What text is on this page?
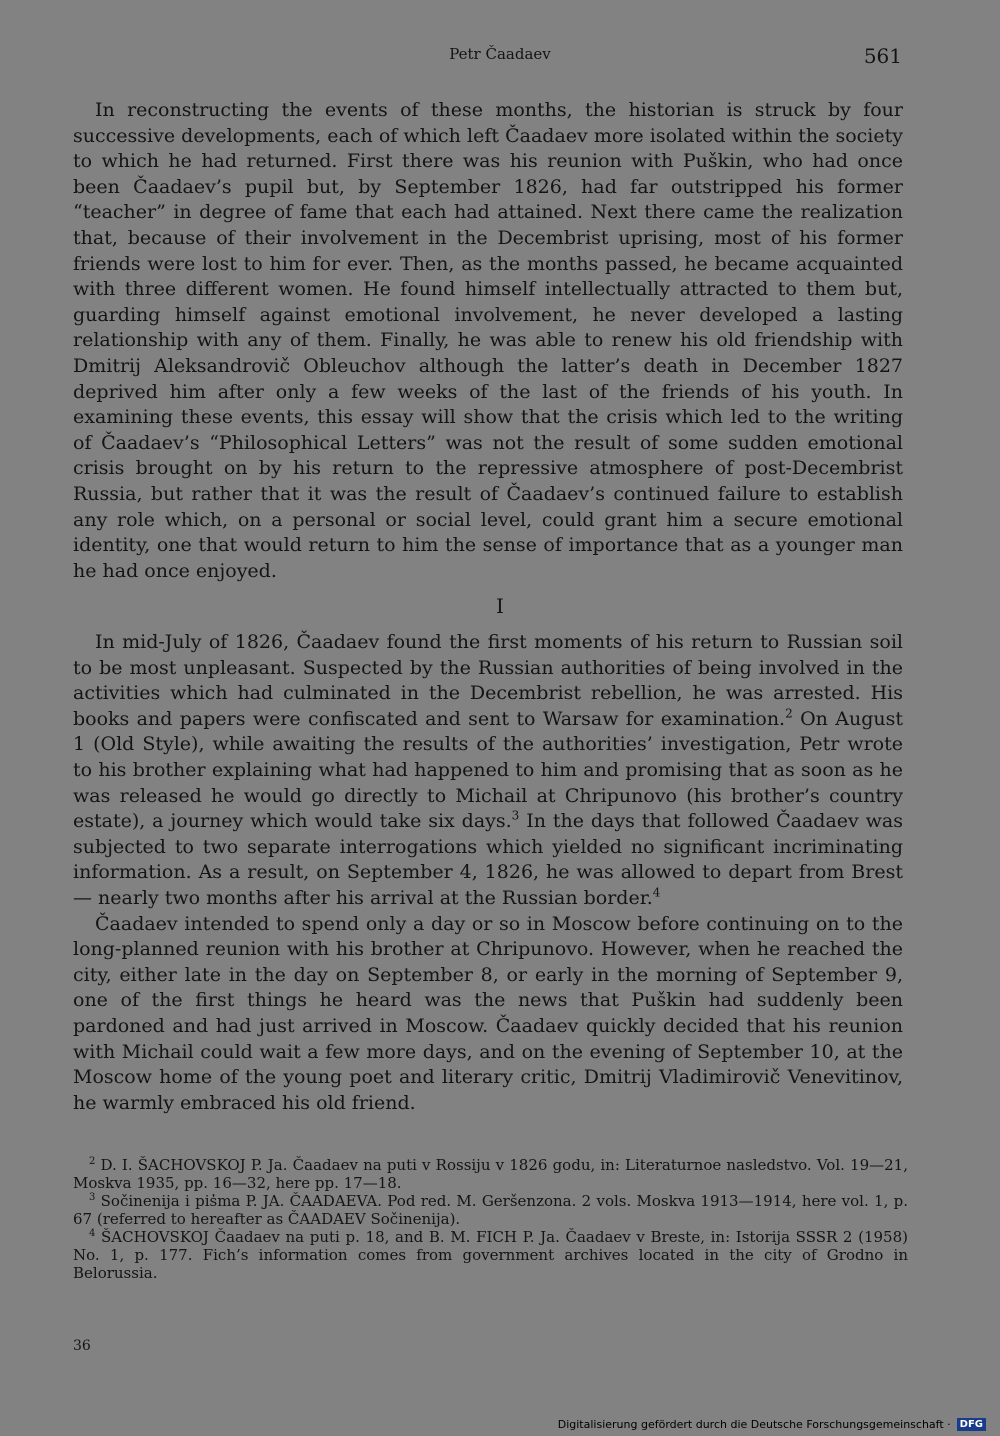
Petr Čaadaev	561

In reconstructing the events of these months, the historian is struck by four successive developments, each of which left Čaadaev more isolated within the society to which he had returned. First there was his reunion with Puškin, who had once been Čaadaev’s pupil but, by September 1826, had far outstripped his former “teacher” in degree of fame that each had attained. Next there came the realization that, because of their involvement in the Decembrist uprising, most of his former friends were lost to him for ever. Then, as the months passed, he became acquainted with three different women. He found himself intellectually attracted to them but, guarding himself against emotional involvement, he never developed a lasting relationship with any of them. Finally, he was able to renew his old friendship with Dmitrij Aleksandrovič Obleuchov although the latter’s death in December 1827 deprived him after only a few weeks of the last of the friends of his youth. In examining these events, this essay will show that the crisis which led to the writing of Čaadaev’s “Philosophical Letters” was not the result of some sudden emotional crisis brought on by his return to the repressive atmosphere of post-Decembrist Russia, but rather that it was the result of Čaadaev’s continued failure to establish any role which, on a personal or social level, could grant him a secure emotional identity, one that would return to him the sense of importance that as a younger man he had once enjoyed.

I

In mid-July of 1826, Čaadaev found the first moments of his return to Russian soil to be most unpleasant. Suspected by the Russian authorities of being involved in the activities which had culminated in the Decembrist rebellion, he was arrested. His books and papers were confiscated and sent to Warsaw for examination.$^2$ On August 1 (Old Style), while awaiting the results of the authorities’ investigation, Petr wrote to his brother explaining what had happened to him and promising that as soon as he was released he would go directly to Michail at Chripunovo (his brother’s country estate), a journey which would take six days.$^3$ In the days that followed Čaadaev was subjected to two separate interrogations which yielded no significant incriminating information. As a result, on September 4, 1826, he was allowed to depart from Brest — nearly two months after his arrival at the Russian border.$^4$

Čaadaev intended to spend only a day or so in Moscow before continuing on to the long-planned reunion with his brother at Chripunovo. However, when he reached the city, either late in the day on September 8, or early in the morning of September 9, one of the first things he heard was the news that Puškin had suddenly been pardoned and had just arrived in Moscow. Čaadaev quickly decided that his reunion with Michail could wait a few more days, and on the evening of September 10, at the Moscow home of the young poet and literary critic, Dmitrij Vladimirovič Venevitinov, he warmly embraced his old friend.

$^2$ D. I. ŠACHOVSKOJ P. Ja. Čaadaev na puti v Rossiju v 1826 godu, in: Literaturnoe nasledstvo. Vol. 19—21, Moskva 1935, pp. 16—32, here pp. 17—18.

$^3$ Sočinenija i pis̓ma P. JA. ČAADAEVA. Pod red. M. Geršenzona. 2 vols. Moskva 1913—1914, here vol. 1, p. 67 (referred to hereafter as ČAADAEV Sočinenija).

$^4$ ŠACHOVSKOJ Čaadaev na puti p. 18, and B. M. FICH P. Ja. Čaadaev v Breste, in: Istorija SSSR 2 (1958) No. 1, p. 177. Fich’s information comes from government archives located in the city of Grodno in Belorussia.

36
Digitalisierung gefördert durch die Deutsche Forschungsgemeinschaft · DFG
